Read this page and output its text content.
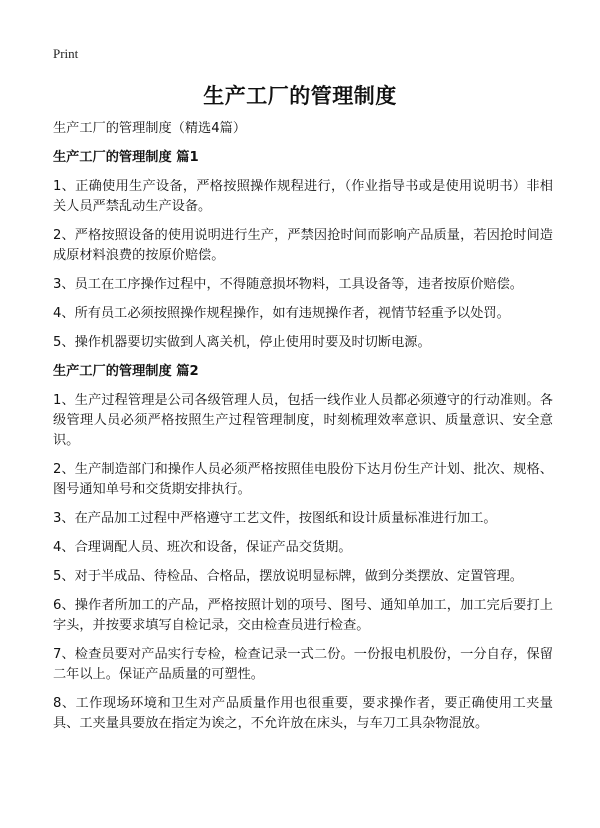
Print
生产工厂的管理制度
生产工厂的管理制度（精选4篇）
生产工厂的管理制度 篇1

1、正确使用生产设备，严格按照操作规程进行，（作业指导书或是使用说明书）非相关人员严禁乱动生产设备。

2、严格按照设备的使用说明进行生产，严禁因抢时间而影响产品质量，若因抢时间造成原材料浪费的按原价赔偿。

3、员工在工序操作过程中，不得随意损坏物料，工具设备等，违者按原价赔偿。

4、所有员工必须按照操作规程操作，如有违规操作者，视情节轻重予以处罚。

5、操作机器要切实做到人离关机，停止使用时要及时切断电源。

生产工厂的管理制度 篇2

1、生产过程管理是公司各级管理人员，包括一线作业人员都必须遵守的行动准则。各级管理人员必须严格按照生产过程管理制度，时刻梳理效率意识、质量意识、安全意识。

2、生产制造部门和操作人员必须严格按照佳电股份下达月份生产计划、批次、规格、图号通知单号和交货期安排执行。

3、在产品加工过程中严格遵守工艺文件，按图纸和设计质量标准进行加工。

4、合理调配人员、班次和设备，保证产品交货期。

5、对于半成品、待检品、合格品，摆放说明显标牌，做到分类摆放、定置管理。

6、操作者所加工的产品，严格按照计划的项号、图号、通知单加工，加工完后要打上字头，并按要求填写自检记录，交由检查员进行检查。

7、检查员要对产品实行专检，检查记录一式二份。一份报电机股份，一分自存，保留二年以上。保证产品质量的可塑性。

8、工作现场环境和卫生对产品质量作用也很重要，要求操作者，要正确使用工夹量具、工夹量具要放在指定为诶之，不允许放在床头，与车刀工具杂物混放。
